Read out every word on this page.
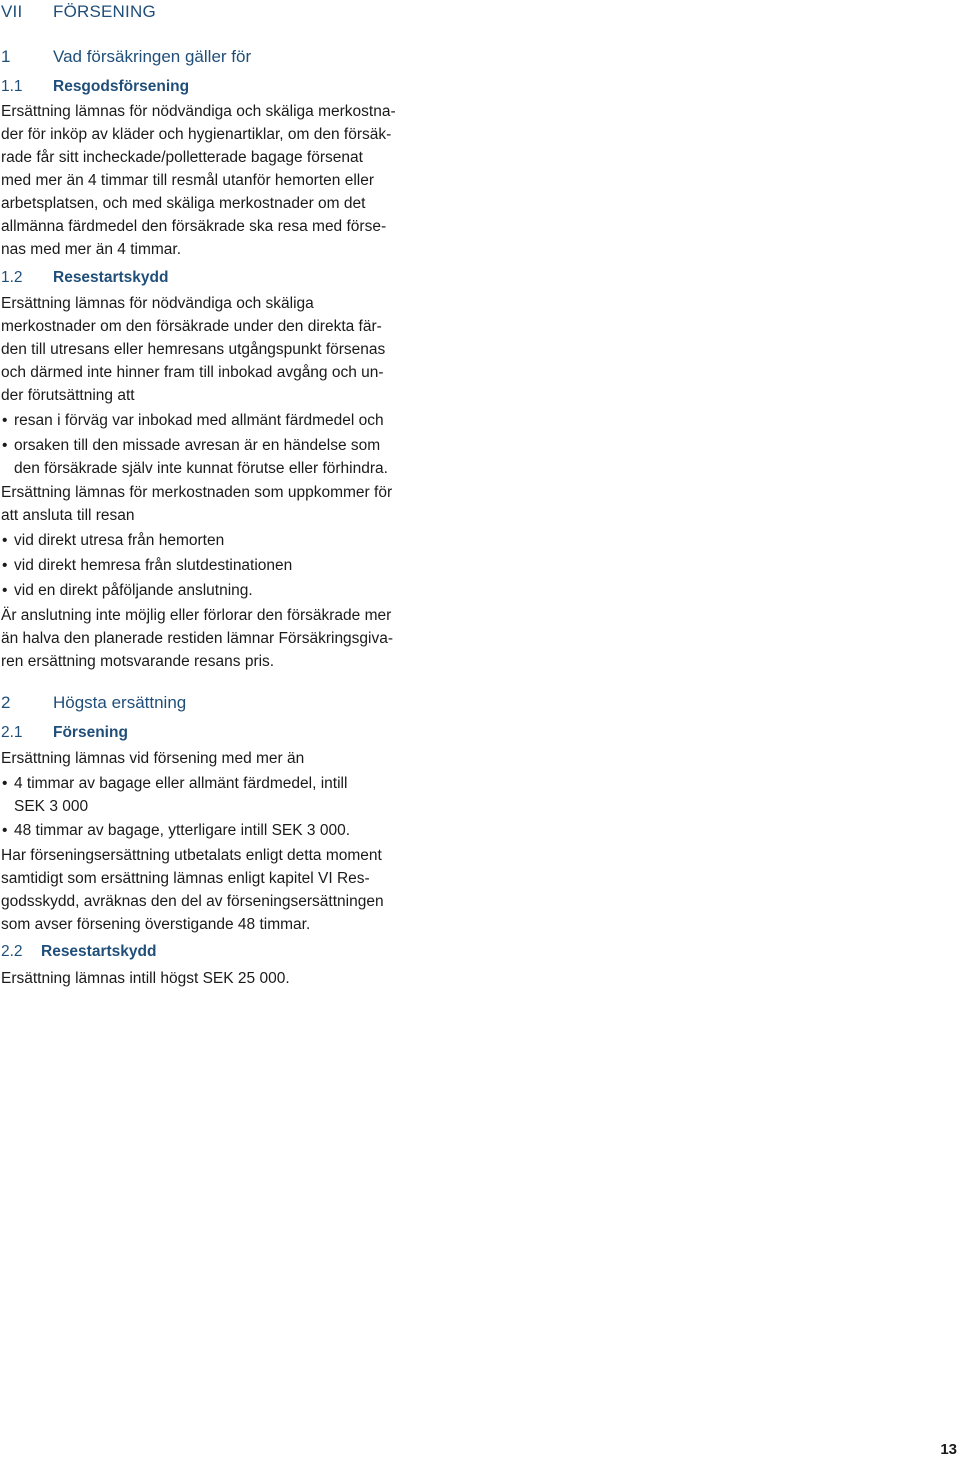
VII FÖRSENING
1	Vad försäkringen gäller för
1.1 Resgodsförsening
Ersättning lämnas för nödvändiga och skäliga merkostna-
der för inköp av kläder och hygienartiklar, om den försäk-
rade får sitt incheckade/polletterade bagage försenat
med mer än 4 timmar till resmål utanför hemorten eller
arbetsplatsen, och med skäliga merkostnader om det
allmänna färdmedel den försäkrade ska resa med förse-
nas med mer än 4 timmar.
1.2 Resestartskydd
Ersättning lämnas för nödvändiga och skäliga
merkostnader om den försäkrade under den direkta fär-
den till utresans eller hemresans utgångspunkt försenas
och därmed inte hinner fram till inbokad avgång och un-
der förutsättning att
• resan i förväg var inbokad med allmänt färdmedel och
• orsaken till den missade avresan är en händelse som
den försäkrade själv inte kunnat förutse eller förhindra.
Ersättning lämnas för merkostnaden som uppkommer för
att ansluta till resan
• vid direkt utresa från hemorten
• vid direkt hemresa från slutdestinationen
• vid en direkt påföljande anslutning.
Är anslutning inte möjlig eller förlorar den försäkrade mer
än halva den planerade restiden lämnar Försäkringsgiva-
ren ersättning motsvarande resans pris.
2	Högsta ersättning
2.1 Försening
Ersättning lämnas vid försening med mer än
• 4 timmar av bagage eller allmänt färdmedel, intill
SEK 3 000
• 48 timmar av bagage, ytterligare intill SEK 3 000.
Har förseningsersättning utbetalats enligt detta moment
samtidigt som ersättning lämnas enligt kapitel VI Res-
godsskydd, avräknas den del av förseningsersättningen
som avser försening överstigande 48 timmar.
2.2 Resestartskydd
Ersättning lämnas intill högst SEK 25 000.
13
